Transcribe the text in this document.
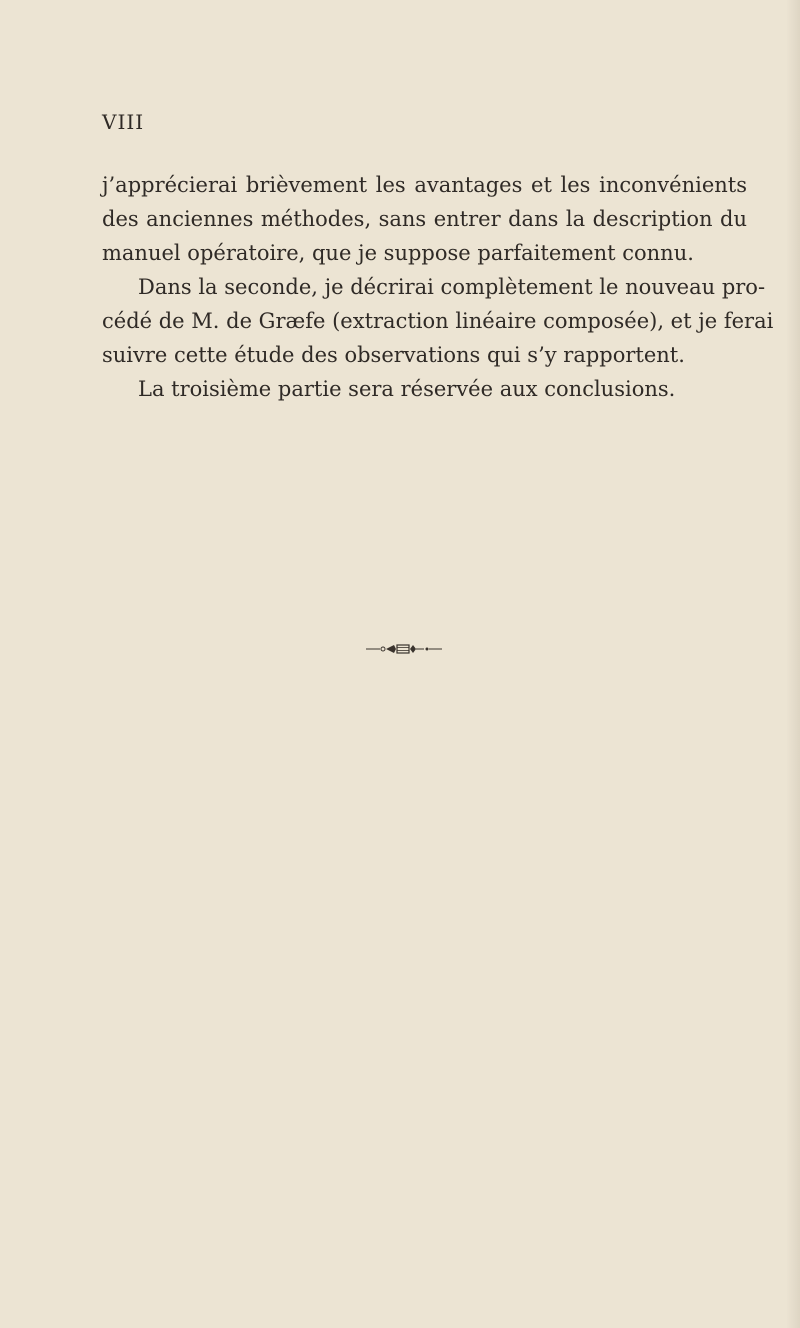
VIII
j’apprécierai brièvement les avantages et les inconvénients
des anciennes méthodes, sans entrer dans la description du
manuel opératoire, que je suppose parfaitement connu.
Dans la seconde, je décrirai complètement le nouveau pro-
cédé de M. de Græfe (extraction linéaire composée), et je ferai
suivre cette étude des observations qui s’y rapportent.
La troisième partie sera réservée aux conclusions.
